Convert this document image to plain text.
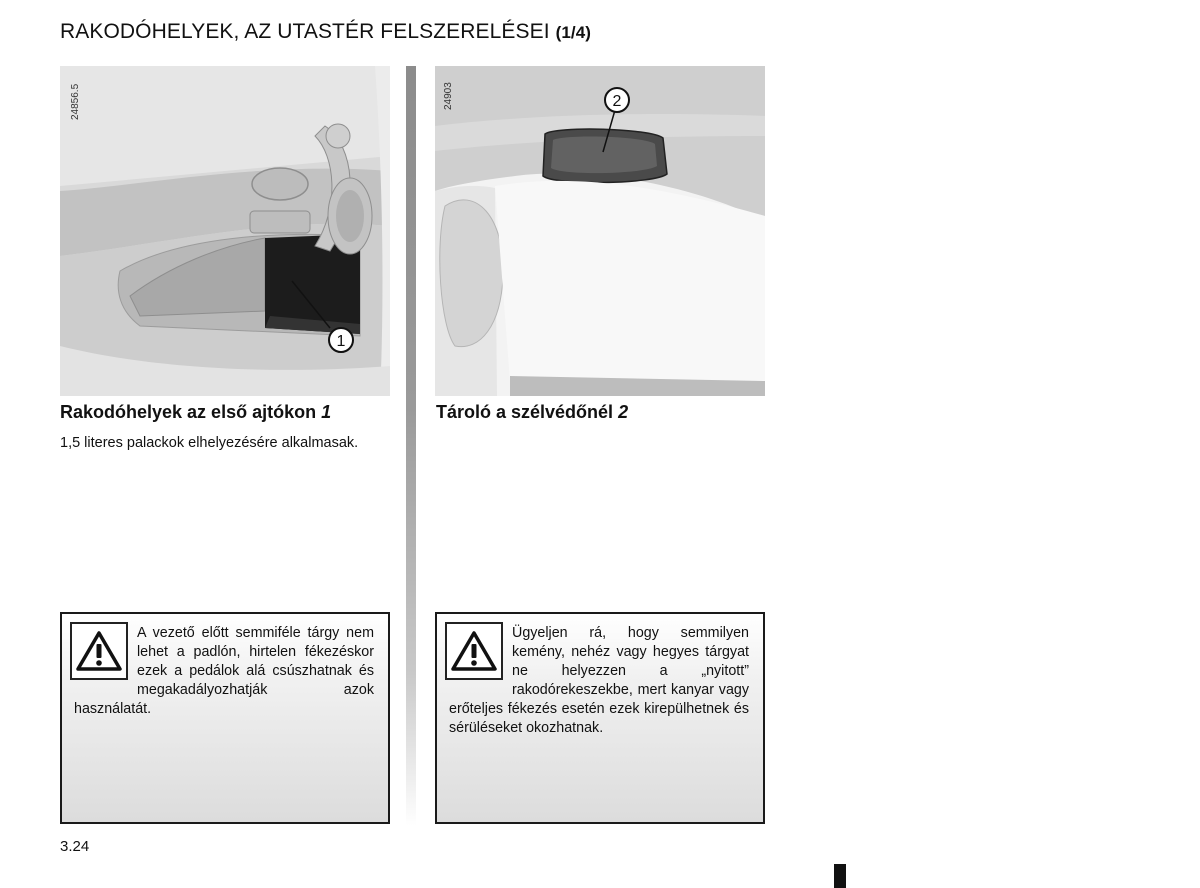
RAKODÓHELYEK, AZ UTASTÉR FELSZERELÉSEI (1/4)
1
24856.5	2
24903
Rakodóhelyek az első ajtókon 1

1,5 literes palackok elhelyezésére alkalmasak.

Tároló a szélvédőnél 2

A vezető előtt semmiféle tárgy nem lehet a padlón, hirtelen fékezéskor ezek a pedálok alá csúszhatnak és megakadályozhatják azok használatát.

Ügyeljen rá, hogy semmilyen kemény, nehéz vagy hegyes tárgyat ne helyezzen a „nyitott” rakodórekeszekbe, mert kanyar vagy erőteljes fékezés esetén ezek kirepülhetnek és sérüléseket okozhatnak.

3.24
